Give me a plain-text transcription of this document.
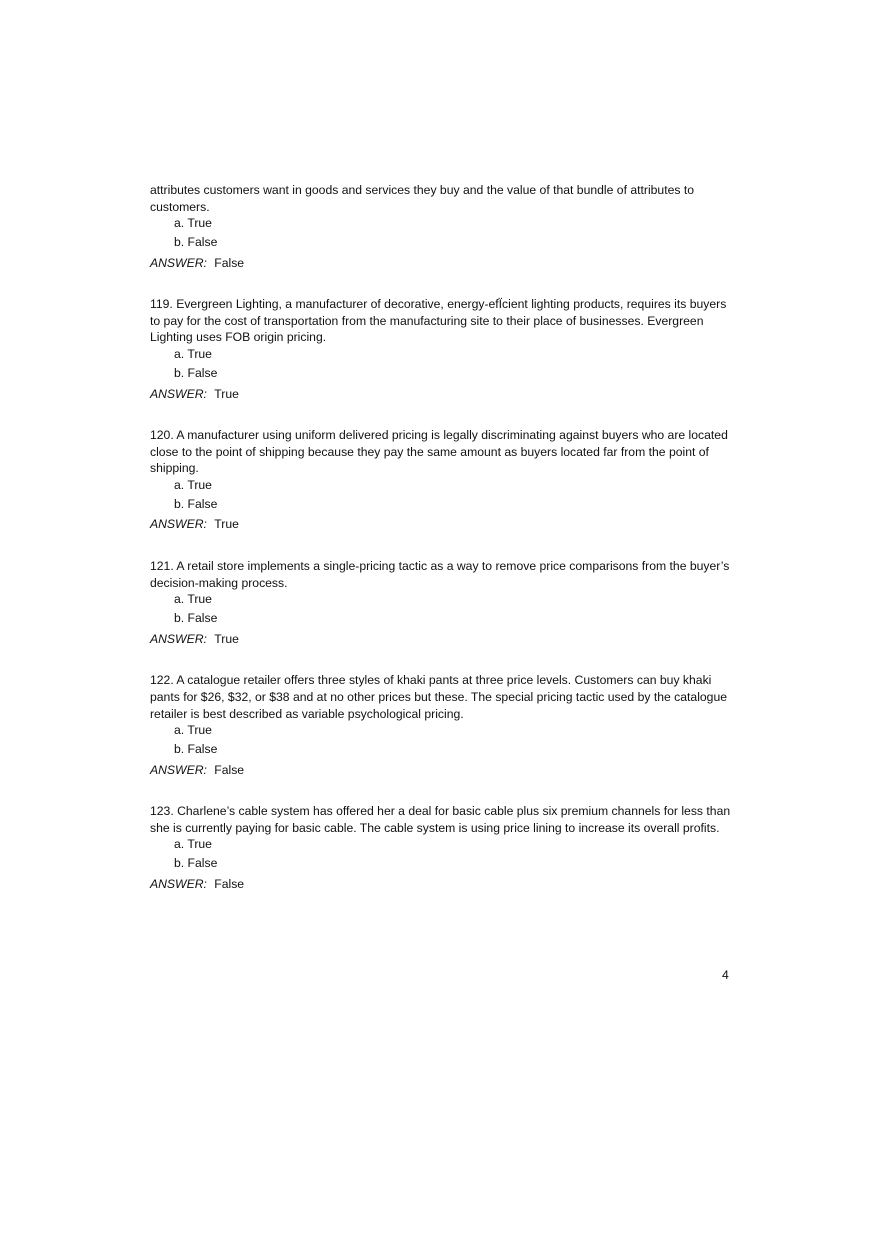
attributes customers want in goods and services they buy and the value of that bundle of attributes to customers.

a. True
b. False
ANSWER: False

119. Evergreen Lighting, a manufacturer of decorative, energy-efÏcient lighting products, requires its buyers to pay for the cost of transportation from the manufacturing site to their place of businesses. Evergreen Lighting uses FOB origin pricing.

a. True
b. False
ANSWER: True

120. A manufacturer using uniform delivered pricing is legally discriminating against buyers who are located close to the point of shipping because they pay the same amount as buyers located far from the point of shipping.

a. True
b. False
ANSWER: True

121. A retail store implements a single-pricing tactic as a way to remove price comparisons from the buyer’s decision-making process.

a. True
b. False
ANSWER: True

122. A catalogue retailer offers three styles of khaki pants at three price levels. Customers can buy khaki pants for $26, $32, or $38 and at no other prices but these. The special pricing tactic used by the catalogue retailer is best described as variable psychological pricing.

a. True
b. False
ANSWER: False

123. Charlene’s cable system has offered her a deal for basic cable plus six premium channels for less than she is currently paying for basic cable. The cable system is using price lining to increase its overall profits.

a. True
b. False
ANSWER: False
4
